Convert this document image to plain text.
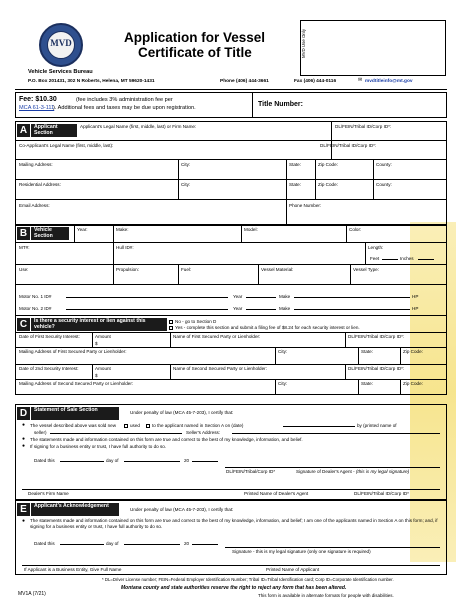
MVD
Vehicle Services Bureau
Application for Vessel
Certificate of Title	MVD Use Only
P.O. Box 201431, 302 N Roberts, Helena, MT 59620-1431	Phone (406) 444-3661	Fax (406) 444-0116	✉ mvdtitleinfo@mt.gov
Fee: $10.30	(fee includes 3% administration fee per
MCA 61-3-111
). Additional fees and taxes may be due upon registration.	Title Number:
A	Applicant Section
Applicant's Legal Name (first, middle, last) or Firm Name:	DL/FEIN/Tribal ID/Corp ID*:
Co-Applicant's Legal Name (first, middle, last):	DL/FEIN/Tribal ID/Corp ID*:
Mailing Address:	City:	State:	Zip Code:	County:
Residential Address:	City:	State:	Zip Code:	County:
Email Address:	Phone Number:
B	Vehicle Section
Year:	Make:	Model:	Color:
MT#:	Hull ID#:	Length:
Feet	Inches
Use:	Propulsion:	Fuel:	Vessel Material:	Vessel Type:
Motor No. 1 ID#	Year	Make	HP
Motor No. 2 ID#	Year	Make	HP
C	Is there a security interest or lien against this vehicle?
No - go to Section D
Yes - complete this section and submit a filing fee of $8.24 for each security interest or lien.
Date of First Security Interest:	Amount
$
Name of First Secured Party or Lienholder:	DL/FEIN/Tribal ID/Corp ID*:
Mailing Address of First Secured Party or Lienholder:	City:	State:	Zip Code:
Date of 2nd Security Interest:	Amount
$
Name of Second Secured Party or Lienholder:	DL/FEIN/Tribal ID/Corp ID*:
Mailing Address of Second Secured Party or Lienholder:	City:	State:	Zip Code:
D	Statement of Sale Section	Under penalty of law (MCA 45-7-203), I certify that:
● The vessel described above was sold new	used	to the applicant named in Section A on (date)	by (printed name of
seller)	Seller's Address:
● The statements made and information contained on this form are true and correct to the best of my knowledge, information, and belief.
● If signing for a business entity or trust, I have full authority to do so.
Dated this	day of	20
DL/FEIN/Tribal/Corp ID*	Signature of Dealer's Agent - (this is my legal signature)
Dealer's Firm Name	Printed Name of Dealer's Agent	DL/FEIN/Tribal ID/Corp ID*
E	Applicant's Acknowledgement
Under penalty of law (MCA 45-7-203), I certify that:
● The statements made and information contained on this form are true and correct to the best of my knowledge, information, and belief; I am one of the applicants named in Section A on this form; and, if signing for a business entity or trust, I have full authority to do so.
Dated this	day of	20
Signature - this is my legal signature (only one signature is required)
If Applicant is a Business Entity, Give Full Name	Printed Name of Applicant
* DL=Driver License number; FEIN=Federal Employer Identification Number; Tribal ID=Tribal Identification card; Corp ID=Corporate Identification number.
MV1A (7/21)
Montana county and state authorities reserve the right to reject any form that has been altered.
This form is available in alternate formats for people with disabilities.
